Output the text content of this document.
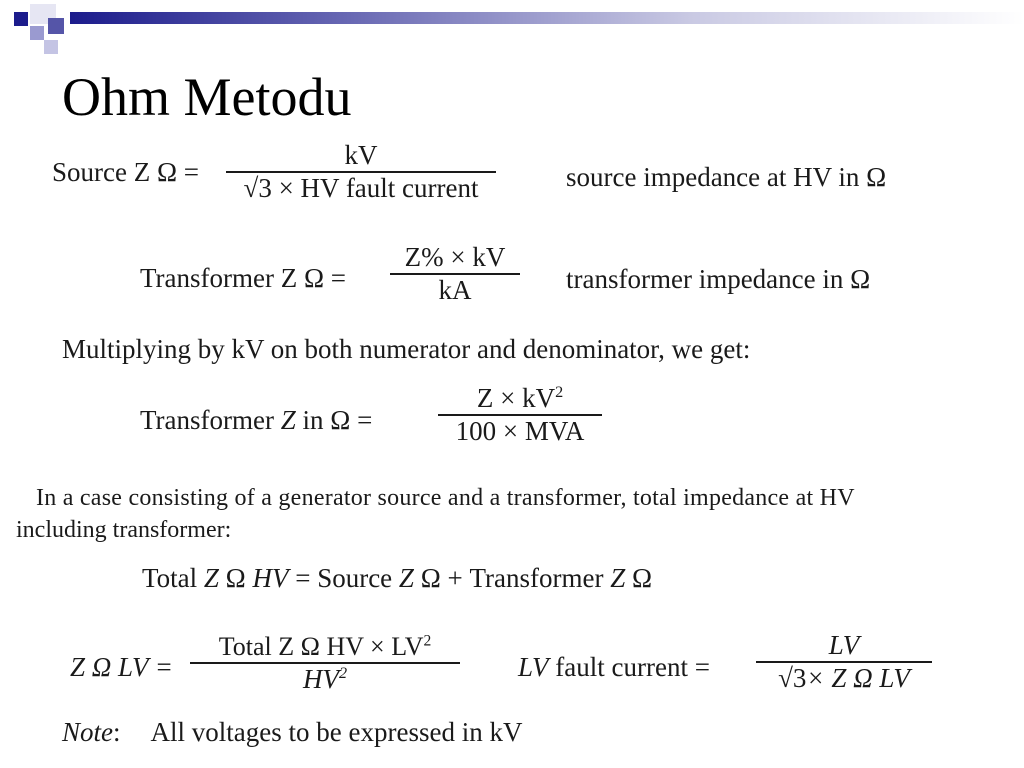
Ohm Metodu
Source Z Ω =
kV
√3 × HV fault current	source impedance at HV in Ω
Transformer Z Ω =
Z% × kV
kA	transformer impedance in Ω
Multiplying by kV on both numerator and denominator, we get:
Transformer Z in Ω =
$Z \times kV^2$
100 × MVA
In a case consisting of a generator source and a transformer, total impedance at HV
including transformer:
Total Z Ω HV = Source Z Ω + Transformer Z Ω
Z Ω LV =
Total Z Ω HV × $LV^2$
$HV^2$	LV fault current =
LV
√3× Z Ω LV
Note: All voltages to be expressed in kV
